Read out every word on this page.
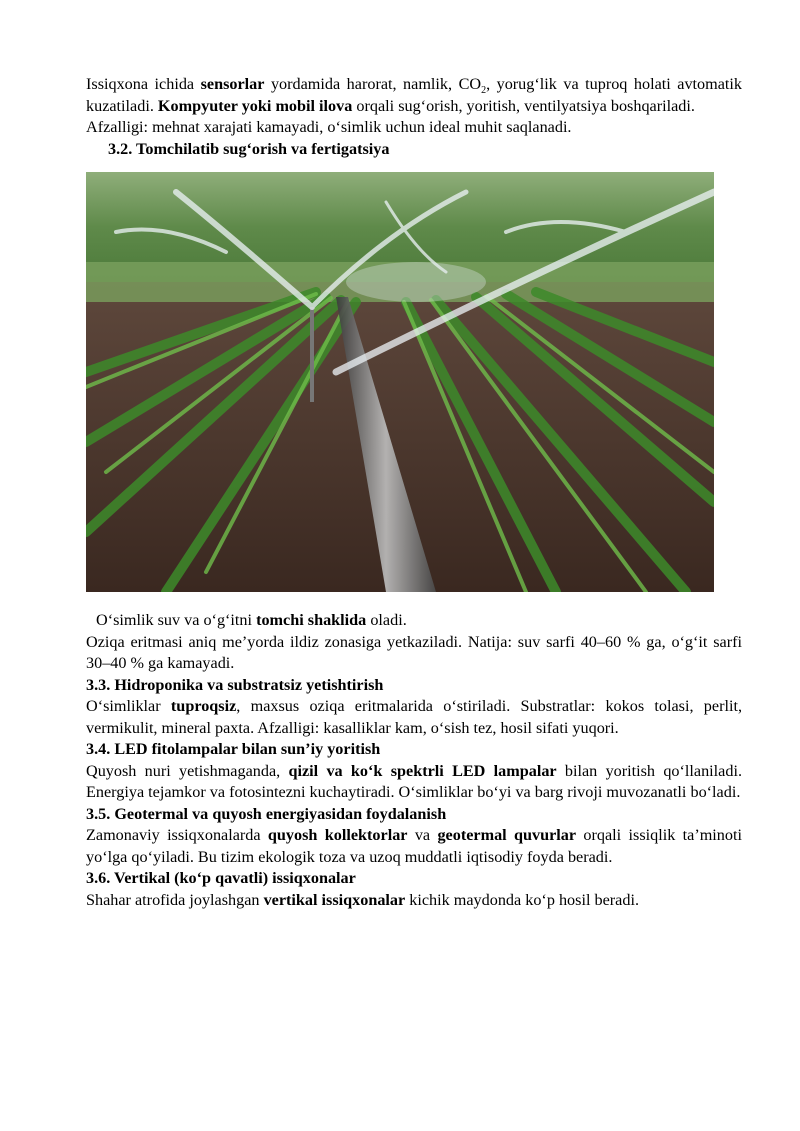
Issiqxona ichida sensorlar yordamida harorat, namlik, $CO_2$, yorug‘lik va tuproq holati avtomatik kuzatiladi. Kompyuter yoki mobil ilova orqali sug‘orish, yoritish, ventilyatsiya boshqariladi.

Afzalligi: mehnat xarajati kamayadi, o‘simlik uchun ideal muhit saqlanadi.

3.2. Tomchilatib sug‘orish va fertigatsiya

O‘simlik suv va o‘g‘itni tomchi shaklida oladi.

Oziqa eritmasi aniq me’yorda ildiz zonasiga yetkaziladi. Natija: suv sarfi 40–60 % ga, o‘g‘it sarfi 30–40 % ga kamayadi.

3.3. Hidroponika va substratsiz yetishtirish

O‘simliklar tuproqsiz, maxsus oziqa eritmalarida o‘stiriladi. Substratlar: kokos tolasi, perlit, vermikulit, mineral paxta. Afzalligi: kasalliklar kam, o‘sish tez, hosil sifati yuqori.

3.4. LED fitolampalar bilan sun’iy yoritish

Quyosh nuri yetishmaganda, qizil va ko‘k spektrli LED lampalar bilan yoritish qo‘llaniladi. Energiya tejamkor va fotosintezni kuchaytiradi. O‘simliklar bo‘yi va barg rivoji muvozanatli bo‘ladi.

3.5. Geotermal va quyosh energiyasidan foydalanish

Zamonaviy issiqxonalarda quyosh kollektorlar va geotermal quvurlar orqali issiqlik ta’minoti yo‘lga qo‘yiladi. Bu tizim ekologik toza va uzoq muddatli iqtisodiy foyda beradi.

3.6. Vertikal (ko‘p qavatli) issiqxonalar

Shahar atrofida joylashgan vertikal issiqxonalar kichik maydonda ko‘p hosil beradi.
